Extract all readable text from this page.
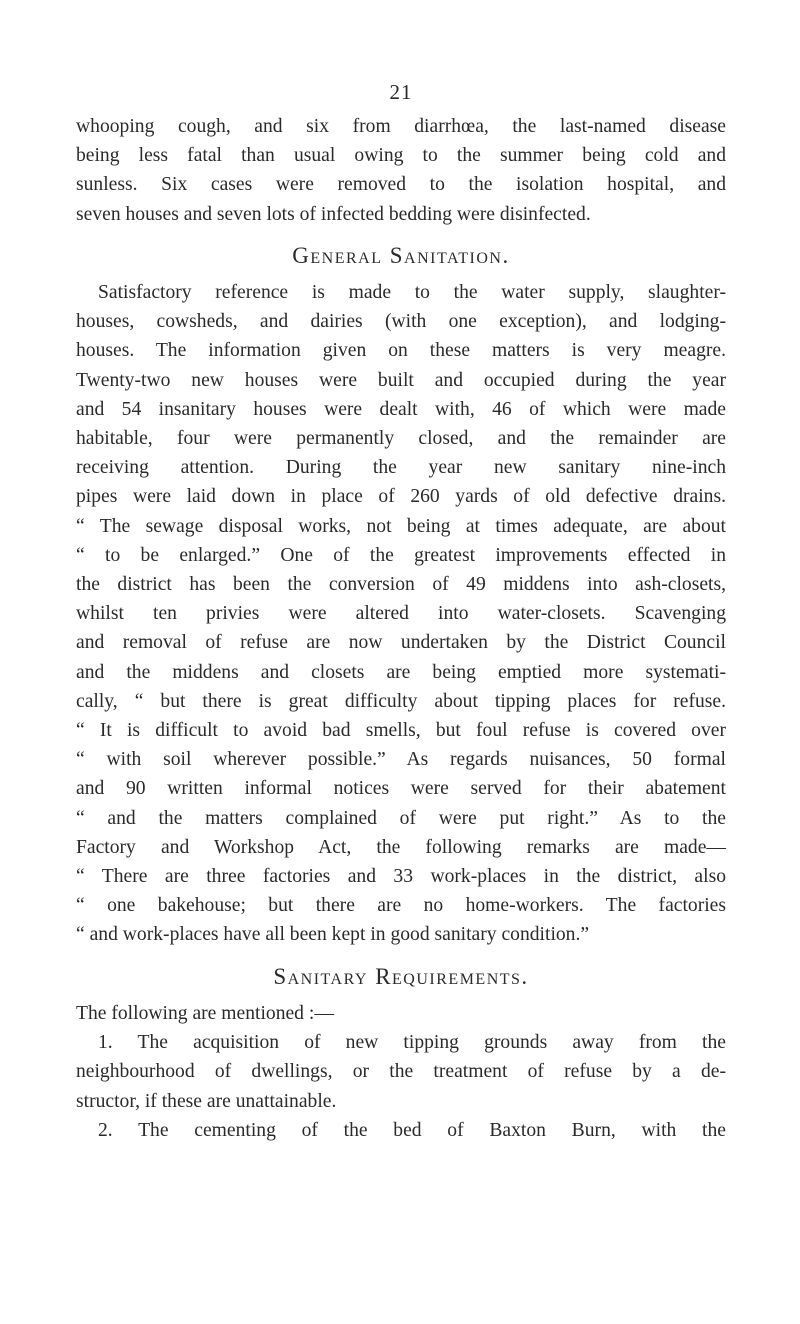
21
whooping cough, and six from diarrhœa, the last-named disease
being less fatal than usual owing to the summer being cold and
sunless. Six cases were removed to the isolation hospital, and
seven houses and seven lots of infected bedding were disinfected.
General Sanitation.
Satisfactory reference is made to the water supply, slaughter-
houses, cowsheds, and dairies (with one exception), and lodging-
houses. The information given on these matters is very meagre.
Twenty-two new houses were built and occupied during the year
and 54 insanitary houses were dealt with, 46 of which were made
habitable, four were permanently closed, and the remainder are
receiving attention. During the year new sanitary nine-inch
pipes were laid down in place of 260 yards of old defective drains.
“ The sewage disposal works, not being at times adequate, are about
“ to be enlarged.” One of the greatest improvements effected in
the district has been the conversion of 49 middens into ash-closets,
whilst ten privies were altered into water-closets. Scavenging
and removal of refuse are now undertaken by the District Council
and the middens and closets are being emptied more systemati-
cally, “ but there is great difficulty about tipping places for refuse.
“ It is difficult to avoid bad smells, but foul refuse is covered over
“ with soil wherever possible.” As regards nuisances, 50 formal
and 90 written informal notices were served for their abatement
“ and the matters complained of were put right.” As to the
Factory and Workshop Act, the following remarks are made—
“ There are three factories and 33 work-places in the district, also
“ one bakehouse; but there are no home-workers. The factories
“ and work-places have all been kept in good sanitary condition.”
Sanitary Requirements.
The following are mentioned :—
1. The acquisition of new tipping grounds away from the
neighbourhood of dwellings, or the treatment of refuse by a de-
structor, if these are unattainable.
2. The cementing of the bed of Baxton Burn, with the
